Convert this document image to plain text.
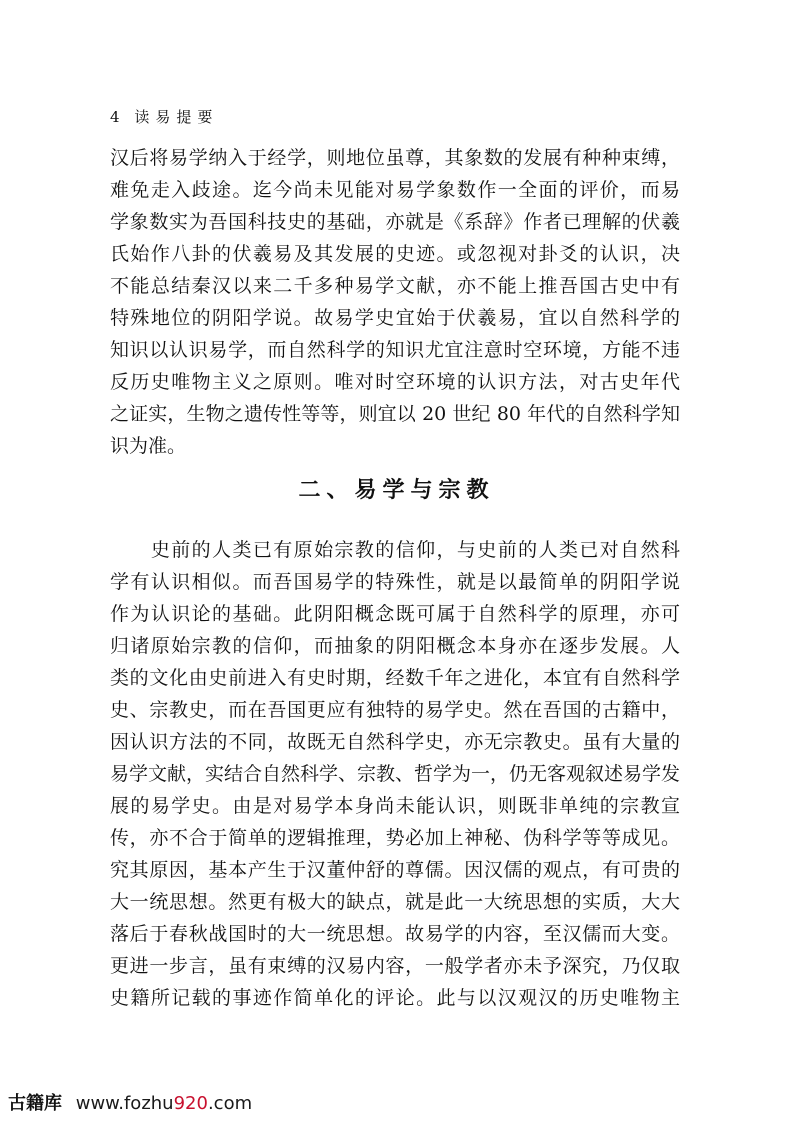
4 读易提要
汉后将易学纳入于经学，则地位虽尊，其象数的发展有种种束缚，
难免走入歧途。迄今尚未见能对易学象数作一全面的评价，而易
学象数实为吾国科技史的基础，亦就是《系辞》作者已理解的伏羲
氏始作八卦的伏羲易及其发展的史迹。或忽视对卦爻的认识，决
不能总结秦汉以来二千多种易学文献，亦不能上推吾国古史中有
特殊地位的阴阳学说。故易学史宜始于伏羲易，宜以自然科学的
知识以认识易学，而自然科学的知识尤宜注意时空环境，方能不违
反历史唯物主义之原则。唯对时空环境的认识方法，对古史年代
之证实，生物之遗传性等等，则宜以 20 世纪 80 年代的自然科学知
识为准。
二、易学与宗教
　　史前的人类已有原始宗教的信仰，与史前的人类已对自然科
学有认识相似。而吾国易学的特殊性，就是以最简单的阴阳学说
作为认识论的基础。此阴阳概念既可属于自然科学的原理，亦可
归诸原始宗教的信仰，而抽象的阴阳概念本身亦在逐步发展。人
类的文化由史前进入有史时期，经数千年之进化，本宜有自然科学
史、宗教史，而在吾国更应有独特的易学史。然在吾国的古籍中，
因认识方法的不同，故既无自然科学史，亦无宗教史。虽有大量的
易学文献，实结合自然科学、宗教、哲学为一，仍无客观叙述易学发
展的易学史。由是对易学本身尚未能认识，则既非单纯的宗教宣
传，亦不合于简单的逻辑推理，势必加上神秘、伪科学等等成见。
究其原因，基本产生于汉董仲舒的尊儒。因汉儒的观点，有可贵的
大一统思想。然更有极大的缺点，就是此一大统思想的实质，大大
落后于春秋战国时的大一统思想。故易学的内容，至汉儒而大变。
更进一步言，虽有束缚的汉易内容，一般学者亦未予深究，乃仅取
史籍所记载的事迹作简单化的评论。此与以汉观汉的历史唯物主
古籍库 www.fozhu920.com
